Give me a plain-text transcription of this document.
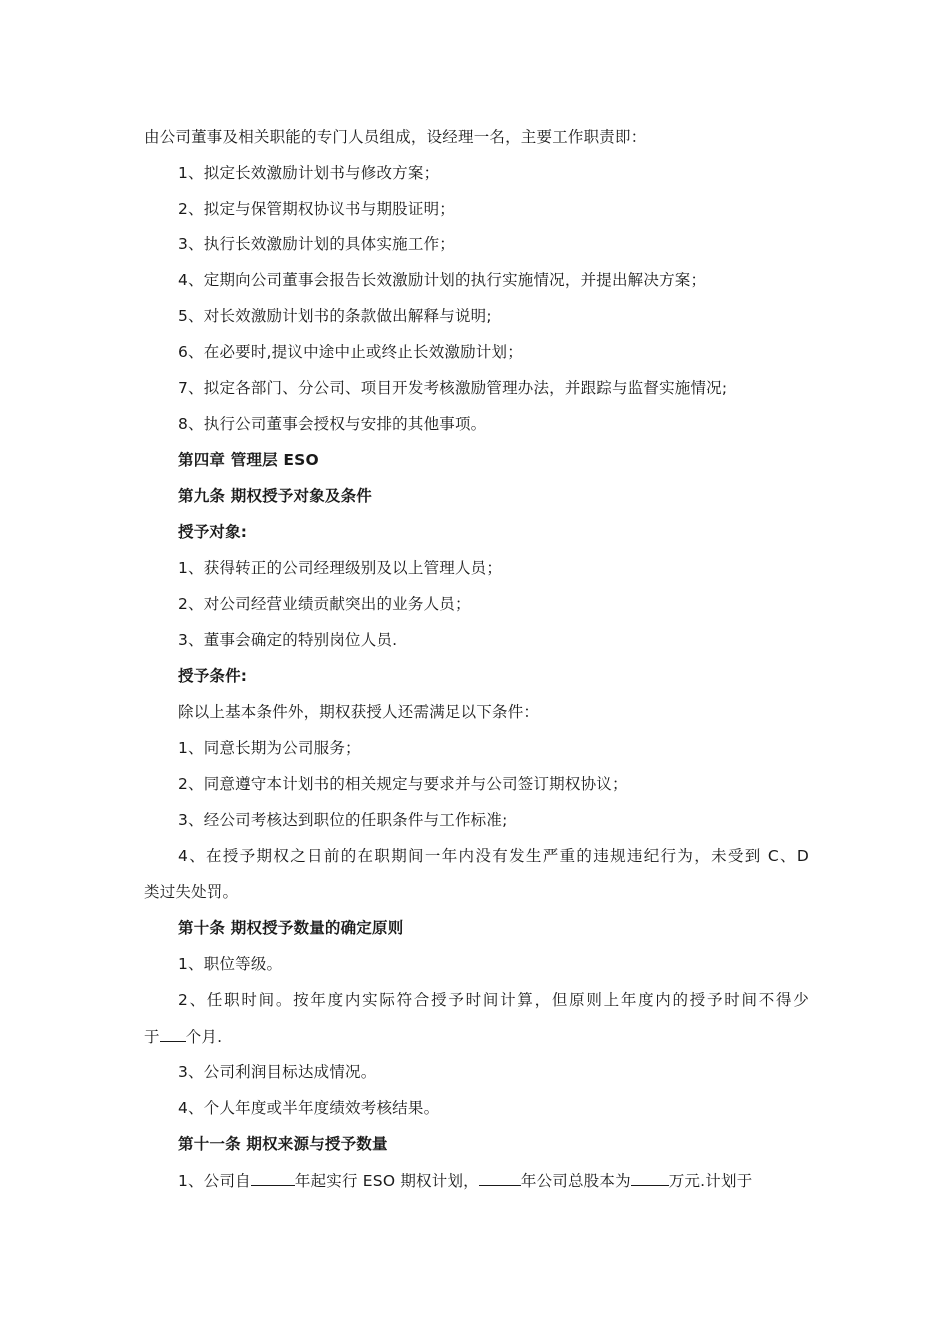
由公司董事及相关职能的专门人员组成，设经理一名，主要工作职责即：
1、拟定长效激励计划书与修改方案；
2、拟定与保管期权协议书与期股证明；
3、执行长效激励计划的具体实施工作；
4、定期向公司董事会报告长效激励计划的执行实施情况，并提出解决方案；
5、对长效激励计划书的条款做出解释与说明;
6、在必要时,提议中途中止或终止长效激励计划；
7、拟定各部门、分公司、项目开发考核激励管理办法，并跟踪与监督实施情况;
8、执行公司董事会授权与安排的其他事项。
第四章 管理层 ESO
第九条 期权授予对象及条件
授予对象:
1、获得转正的公司经理级别及以上管理人员；
2、对公司经营业绩贡献突出的业务人员；
3、董事会确定的特别岗位人员.
授予条件:
除以上基本条件外，期权获授人还需满足以下条件：
1、同意长期为公司服务；
2、同意遵守本计划书的相关规定与要求并与公司签订期权协议；
3、经公司考核达到职位的任职条件与工作标准;
4、在授予期权之日前的在职期间一年内没有发生严重的违规违纪行为，未受到 C、D
类过失处罚。
第十条 期权授予数量的确定原则
1、职位等级。
2、任职时间。按年度内实际符合授予时间计算，但原则上年度内的授予时间不得少
于 个月.
3、公司利润目标达成情况。
4、个人年度或半年度绩效考核结果。
第十一条 期权来源与授予数量
1、公司自	年起实行 ESO 期权计划，	年公司总股本为 万元.计划于
